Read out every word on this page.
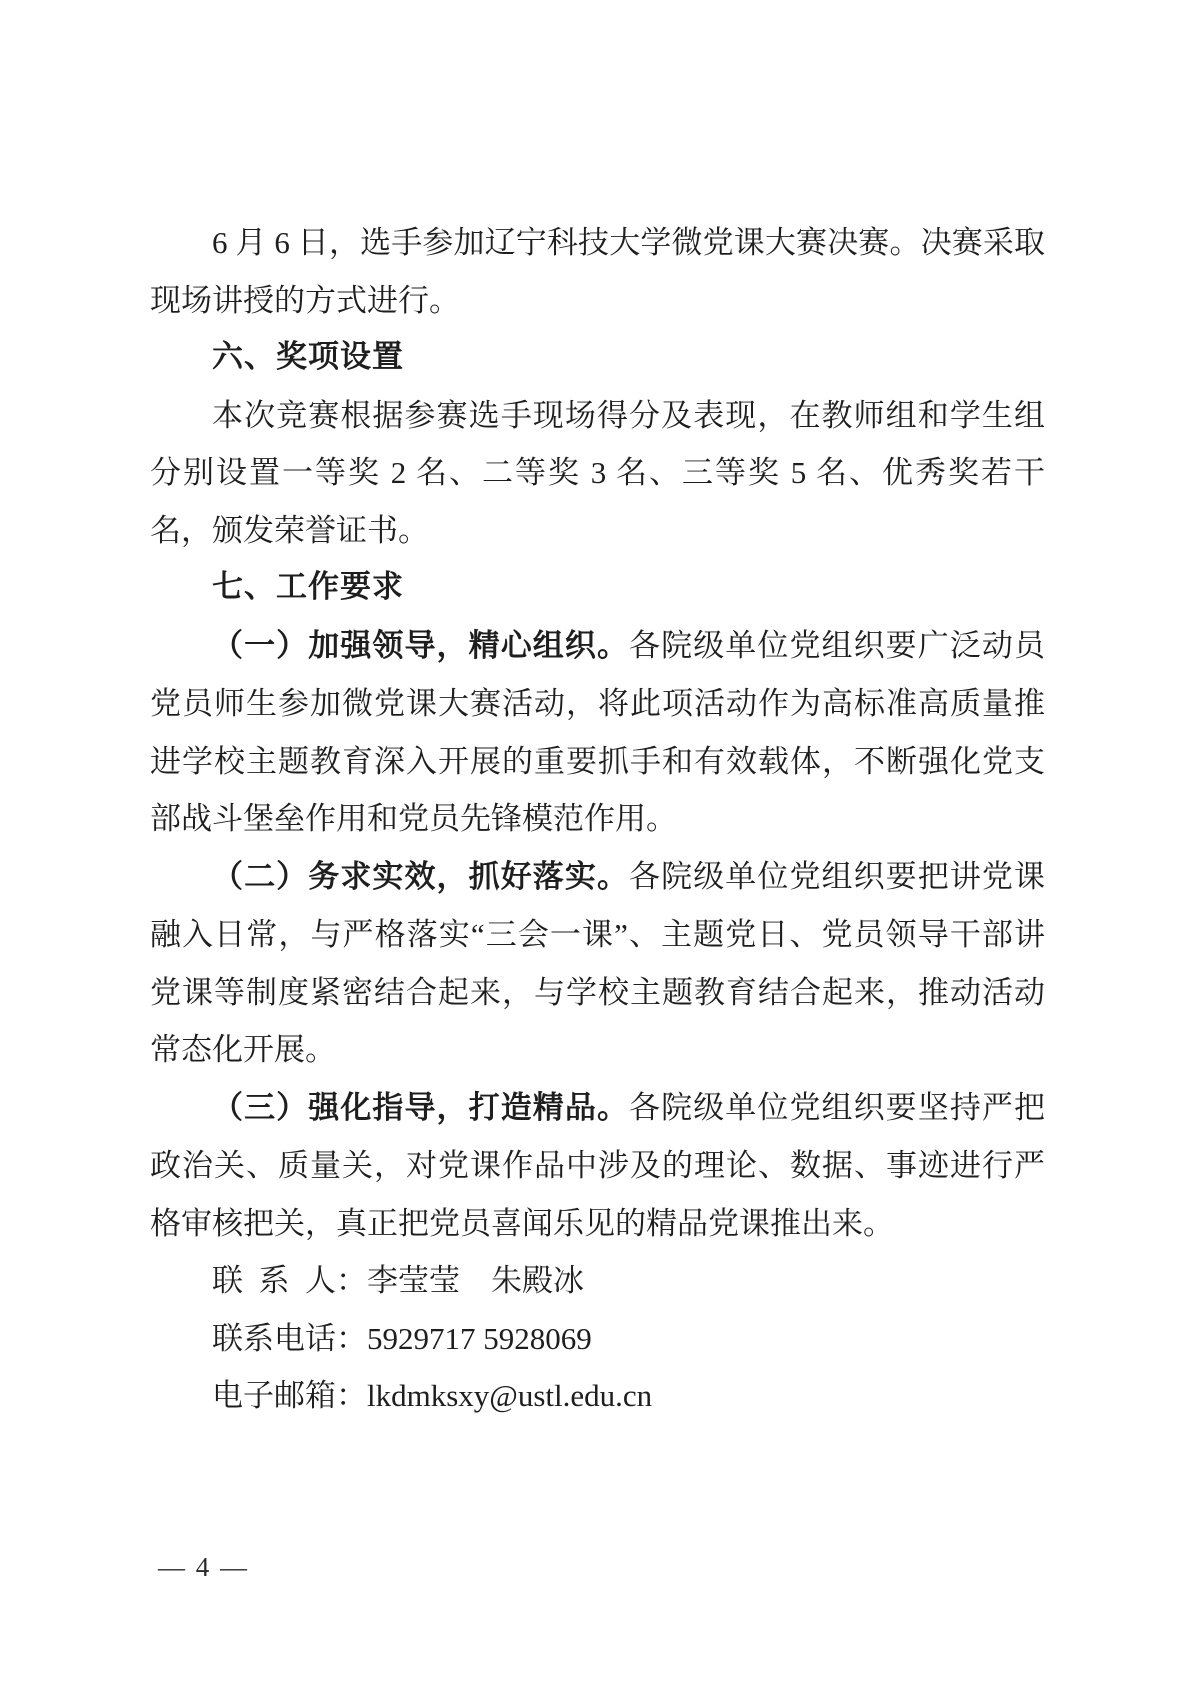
6 月 6 日，选手参加辽宁科技大学微党课大赛决赛。决赛采取现场讲授的方式进行。

六、奖项设置

本次竞赛根据参赛选手现场得分及表现，在教师组和学生组分别设置一等奖 2 名、二等奖 3 名、三等奖 5 名、优秀奖若干名，颁发荣誉证书。

七、工作要求

（一）加强领导，精心组织。各院级单位党组织要广泛动员党员师生参加微党课大赛活动，将此项活动作为高标准高质量推进学校主题教育深入开展的重要抓手和有效载体，不断强化党支部战斗堡垒作用和党员先锋模范作用。

（二）务求实效，抓好落实。各院级单位党组织要把讲党课融入日常，与严格落实“三会一课”、主题党日、党员领导干部讲党课等制度紧密结合起来，与学校主题教育结合起来，推动活动常态化开展。

（三）强化指导，打造精品。各院级单位党组织要坚持严把政治关、质量关，对党课作品中涉及的理论、数据、事迹进行严格审核把关，真正把党员喜闻乐见的精品党课推出来。

联 系 人：李莹莹　朱殿冰

联系电话：5929717 5928069

电子邮箱：lkdmksxy@ustl.edu.cn

— 4 —
